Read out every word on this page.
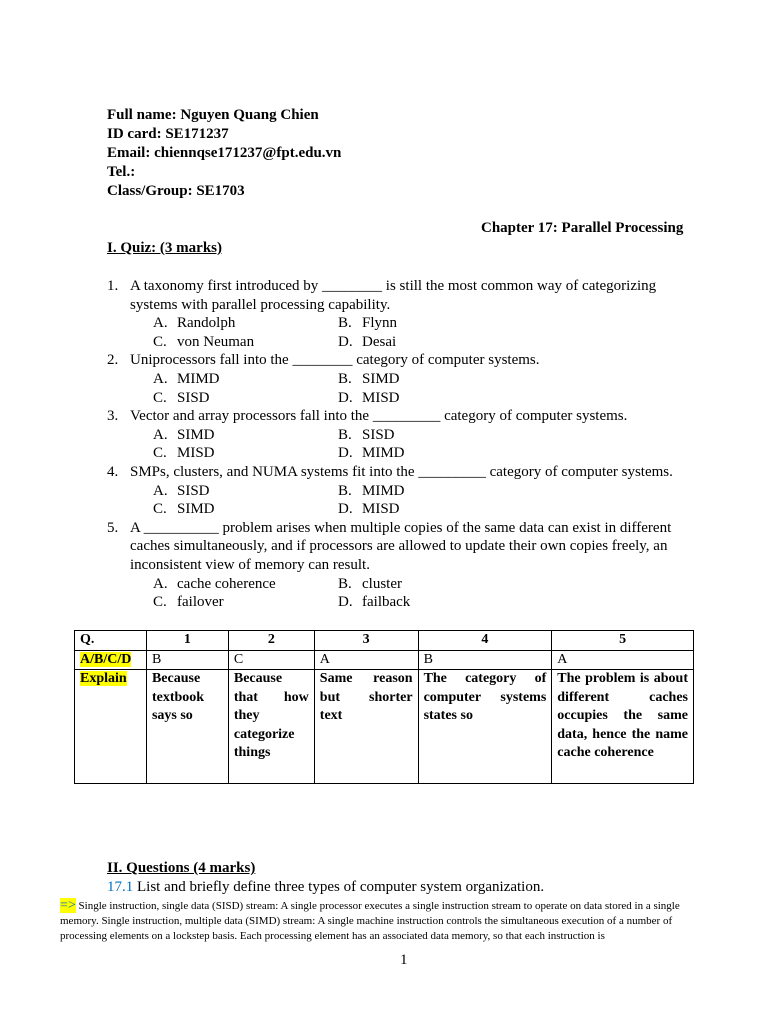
Full name: Nguyen Quang Chien
ID card: SE171237
Email: chiennqse171237@fpt.edu.vn
Tel.:
Class/Group: SE1703
Chapter 17: Parallel Processing
I. Quiz: (3 marks)
1. A taxonomy first introduced by ________ is still the most common way of categorizing systems with parallel processing capability.
A. Randolph	B. Flynn
C. von Neuman	D. Desai
2. Uniprocessors fall into the ________ category of computer systems.
A. MIMD	B. SIMD
C. SISD	D. MISD
3. Vector and array processors fall into the _________ category of computer systems.
A. SIMD	B. SISD
C. MISD	D. MIMD
4. SMPs, clusters, and NUMA systems fit into the _________ category of computer systems.
A. SISD	B. MIMD
C. SIMD	D. MISD
5. A __________ problem arises when multiple copies of the same data can exist in different caches simultaneously, and if processors are allowed to update their own copies freely, an inconsistent view of memory can result.
A. cache coherence	B. cluster
C. failover	D. failback
Q.	1	2	3	4	5
A/B/C/D	B	C	A	B	A
Explain	Because textbook says so	Because that how they categorize things	Same reason but shorter text	The category of computer systems states so	The problem is about different caches occupies the same data, hence the name cache coherence
II. Questions (4 marks)
17.1 List and briefly define three types of computer system organization.
=> Single instruction, single data (SISD) stream: A single processor executes a single instruction stream to operate on data stored in a single memory. Single instruction, multiple data (SIMD) stream: A single machine instruction controls the simultaneous execution of a number of processing elements on a lockstep basis. Each processing element has an associated data memory, so that each instruction is
1
